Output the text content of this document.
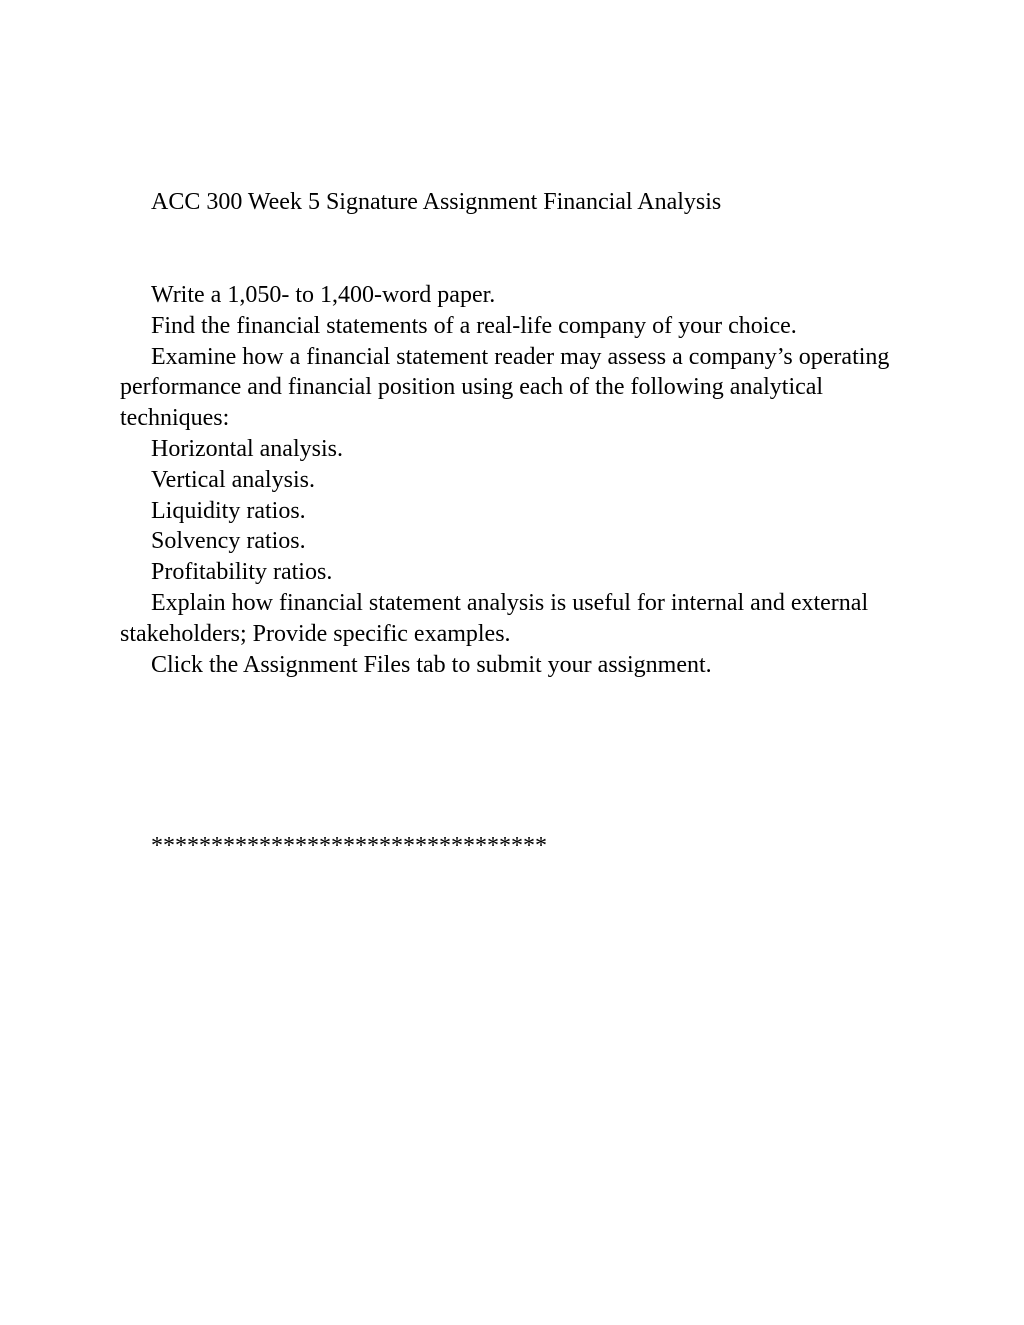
ACC 300 Week 5 Signature Assignment Financial Analysis

Write a 1,050- to 1,400-word paper.

Find the financial statements of a real-life company of your choice.

Examine how a financial statement reader may assess a company’s operating performance and financial position using each of the following analytical techniques:

Horizontal analysis.

Vertical analysis.

Liquidity ratios.

Solvency ratios.

Profitability ratios.

Explain how financial statement analysis is useful for internal and external stakeholders; Provide specific examples.

Click the Assignment Files tab to submit your assignment.

*********************************
